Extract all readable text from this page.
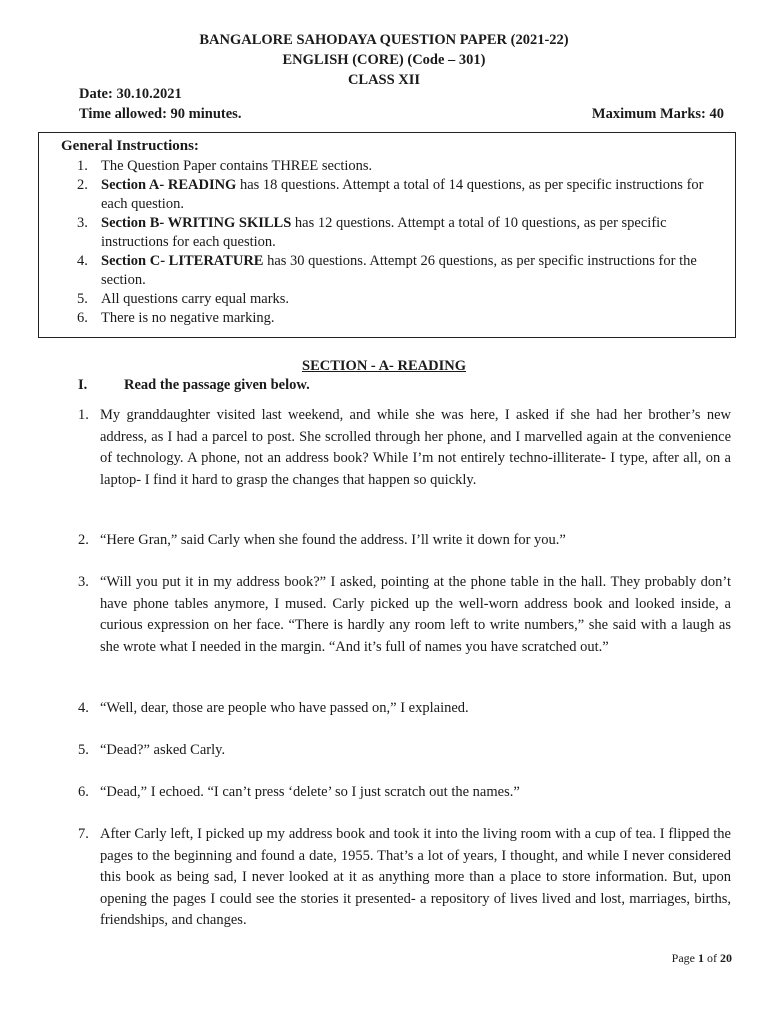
BANGALORE SAHODAYA QUESTION PAPER (2021-22)
ENGLISH (CORE) (Code – 301)
CLASS XII
Date: 30.10.2021
Time allowed: 90 minutes.	Maximum Marks: 40
General Instructions:
1. The Question Paper contains THREE sections.
2. Section A- READING has 18 questions. Attempt a total of 14 questions, as per specific instructions for each question.
3. Section B- WRITING SKILLS has 12 questions. Attempt a total of 10 questions, as per specific instructions for each question.
4. Section C- LITERATURE has 30 questions. Attempt 26 questions, as per specific instructions for the section.
5. All questions carry equal marks.
6. There is no negative marking.
SECTION - A- READING
I.	Read the passage given below.
1. My granddaughter visited last weekend, and while she was here, I asked if she had her brother’s new address, as I had a parcel to post. She scrolled through her phone, and I marvelled again at the convenience of technology. A phone, not an address book? While I’m not entirely techno-illiterate- I type, after all, on a laptop- I find it hard to grasp the changes that happen so quickly.
2. “Here Gran,” said Carly when she found the address. I’ll write it down for you.”
3. “Will you put it in my address book?” I asked, pointing at the phone table in the hall. They probably don’t have phone tables anymore, I mused. Carly picked up the well-worn address book and looked inside, a curious expression on her face. “There is hardly any room left to write numbers,” she said with a laugh as she wrote what I needed in the margin. “And it’s full of names you have scratched out.”
4. “Well, dear, those are people who have passed on,” I explained.
5. “Dead?” asked Carly.
6. “Dead,” I echoed. “I can’t press ‘delete’ so I just scratch out the names.”
7. After Carly left, I picked up my address book and took it into the living room with a cup of tea. I flipped the pages to the beginning and found a date, 1955. That’s a lot of years, I thought, and while I never considered this book as being sad, I never looked at it as anything more than a place to store information. But, upon opening the pages I could see the stories it presented- a repository of lives lived and lost, marriages, births, friendships, and changes.
Page 1 of 20
